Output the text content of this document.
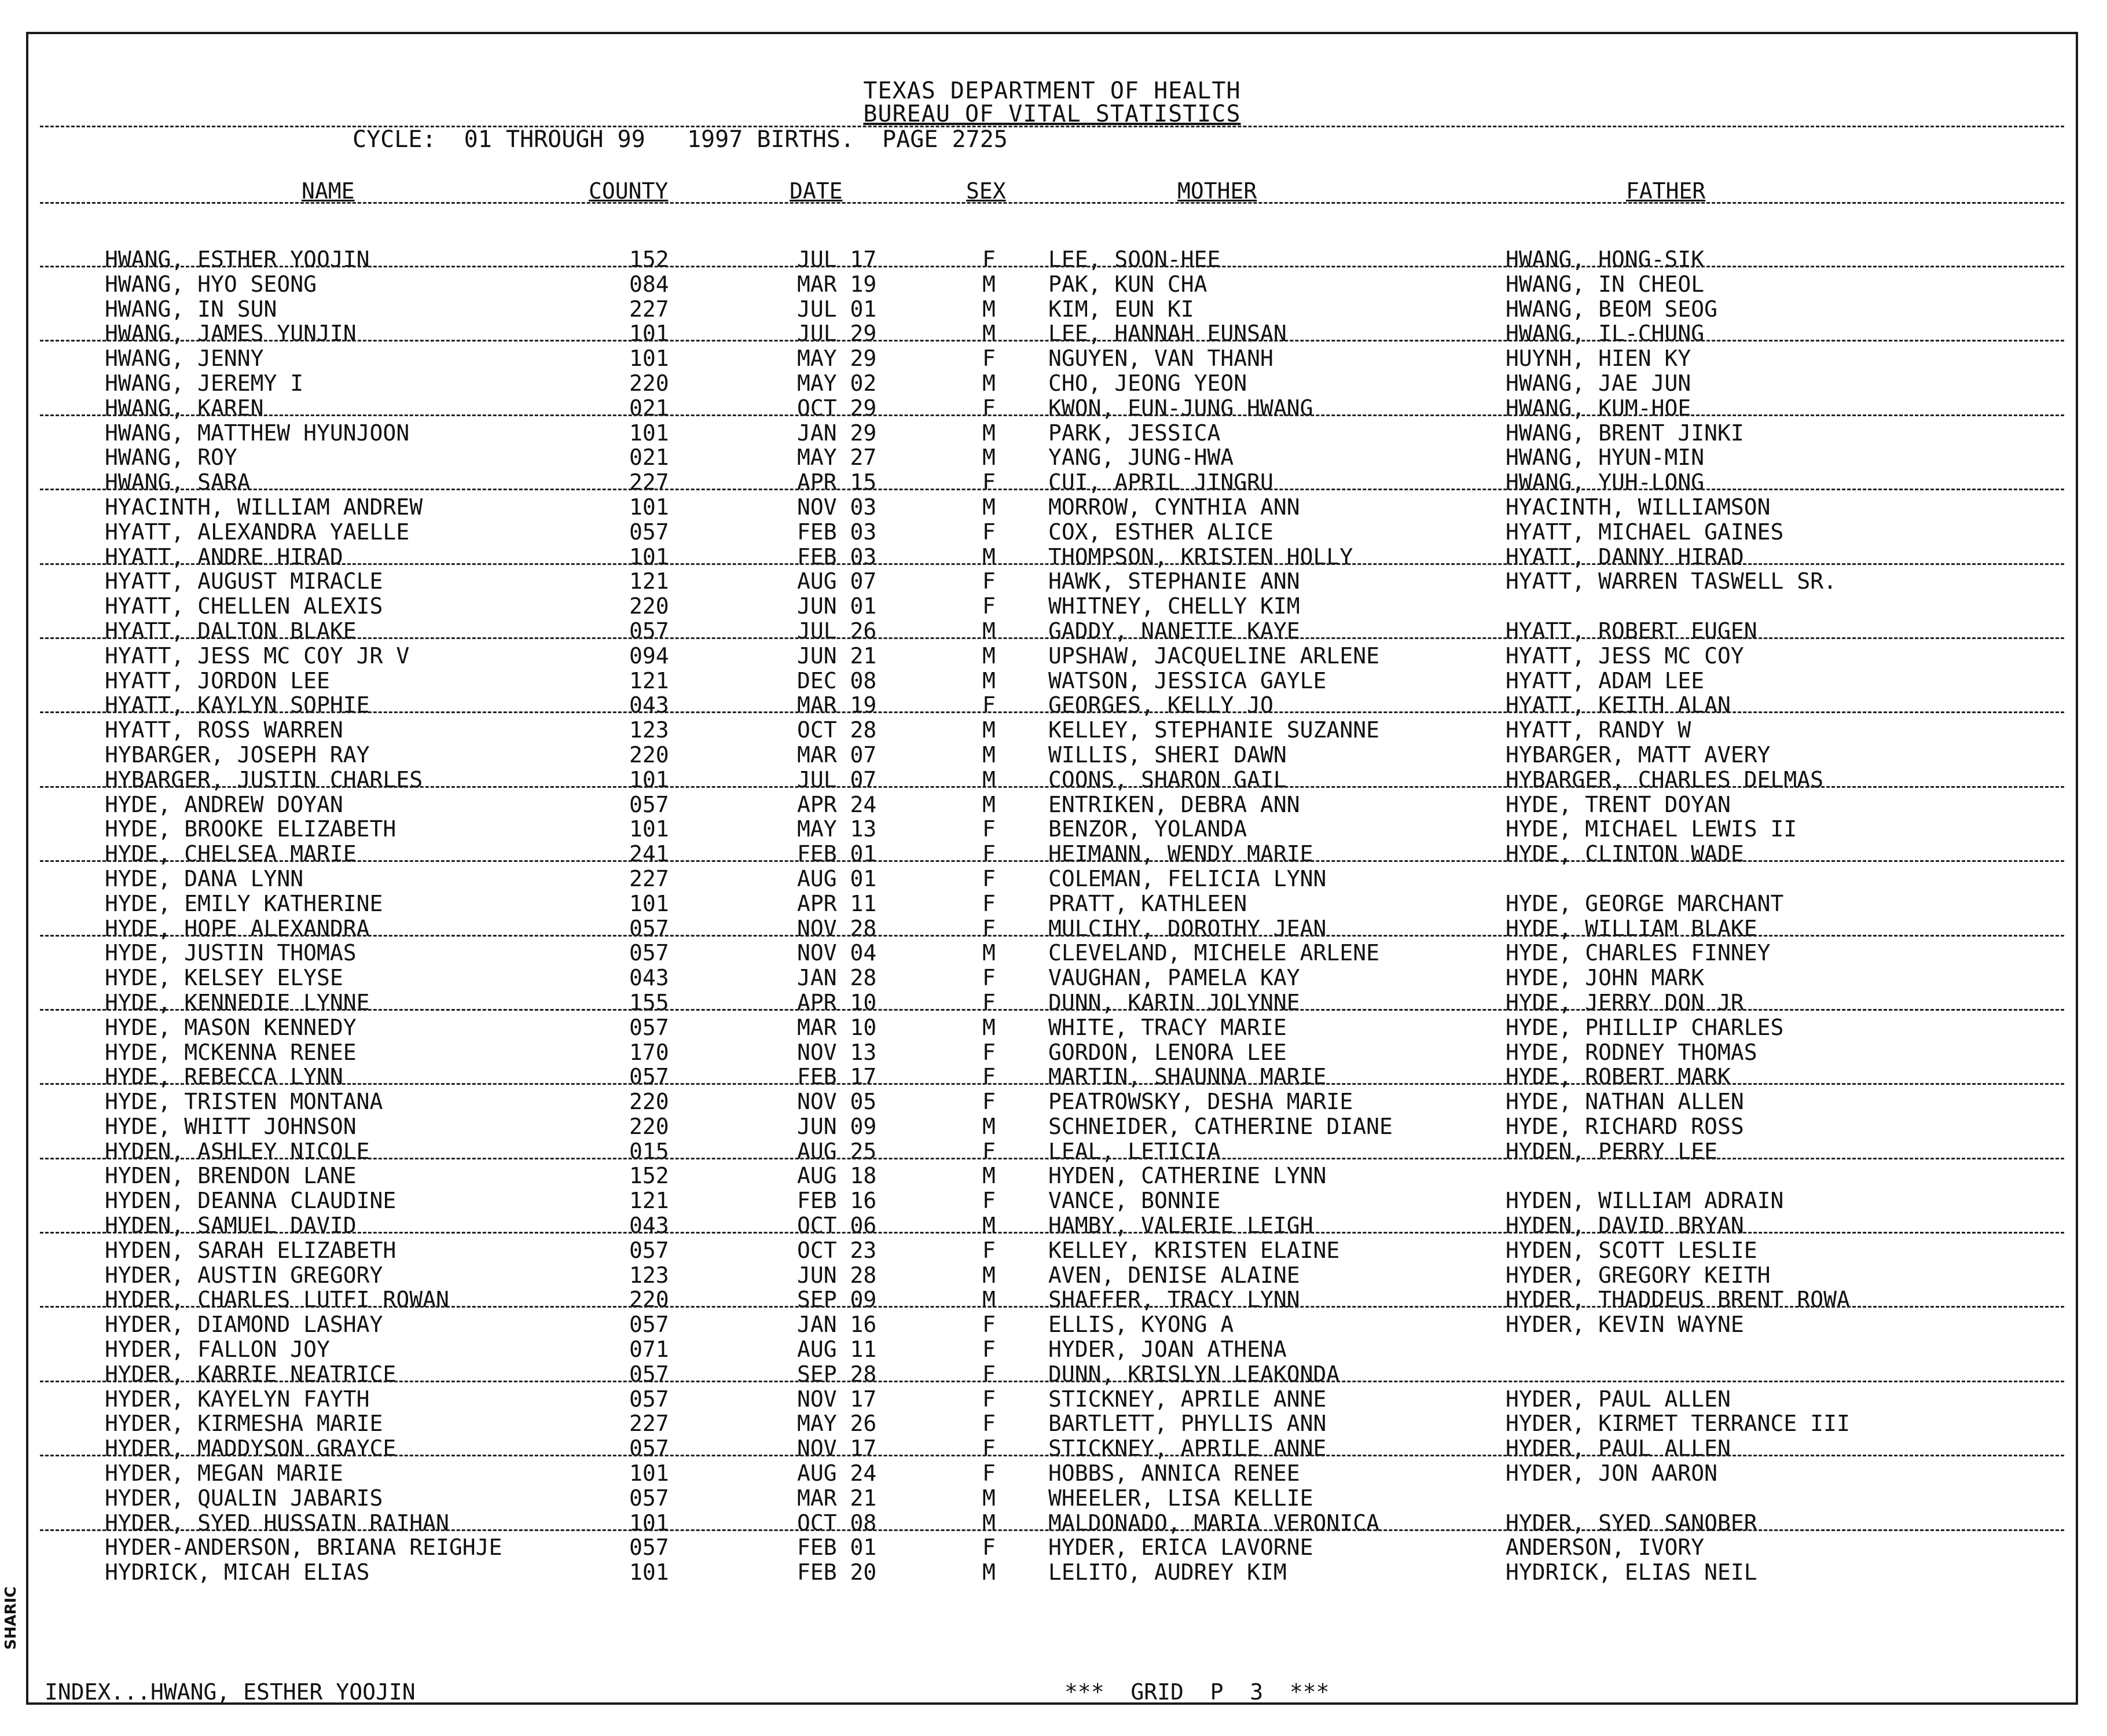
SHARIC
TEXAS DEPARTMENT OF HEALTH
BUREAU OF VITAL STATISTICS
CYCLE:  01 THROUGH 99   1997 BIRTHS.  PAGE 2725
NAME	COUNTY	DATE	SEX	MOTHER	FATHER
HWANG, ESTHER YOOJIN	152	JUL 17	F LEE, SOON-HEE	HWANG, HONG-SIK
HWANG, HYO SEONG	084	MAR 19	M PAK, KUN CHA	HWANG, IN CHEOL
HWANG, IN SUN	227	JUL 01	M KIM, EUN KI	HWANG, BEOM SEOG
HWANG, JAMES YUNJIN	101	JUL 29	M LEE, HANNAH EUNSAN	HWANG, IL-CHUNG
HWANG, JENNY	101	MAY 29	F NGUYEN, VAN THANH	HUYNH, HIEN KY
HWANG, JEREMY I	220	MAY 02	M CHO, JEONG YEON	HWANG, JAE JUN
HWANG, KAREN	021	OCT 29	F KWON, EUN-JUNG HWANG	HWANG, KUM-HOE
HWANG, MATTHEW HYUNJOON	101	JAN 29	M PARK, JESSICA	HWANG, BRENT JINKI
HWANG, ROY	021	MAY 27	M YANG, JUNG-HWA	HWANG, HYUN-MIN
HWANG, SARA	227	APR 15	F CUI, APRIL JINGRU	HWANG, YUH-LONG
HYACINTH, WILLIAM ANDREW	101	NOV 03	M MORROW, CYNTHIA ANN	HYACINTH, WILLIAMSON
HYATT, ALEXANDRA YAELLE	057	FEB 03	F COX, ESTHER ALICE	HYATT, MICHAEL GAINES
HYATT, ANDRE HIRAD	101	FEB 03	M THOMPSON, KRISTEN HOLLY	HYATT, DANNY HIRAD
HYATT, AUGUST MIRACLE	121	AUG 07	F HAWK, STEPHANIE ANN	HYATT, WARREN TASWELL SR.
HYATT, CHELLEN ALEXIS	220	JUN 01	F WHITNEY, CHELLY KIM
HYATT, DALTON BLAKE	057	JUL 26	M GADDY, NANETTE KAYE	HYATT, ROBERT EUGEN
HYATT, JESS MC COY JR V	094	JUN 21	M UPSHAW, JACQUELINE ARLENE	HYATT, JESS MC COY
HYATT, JORDON LEE	121	DEC 08	M WATSON, JESSICA GAYLE	HYATT, ADAM LEE
HYATT, KAYLYN SOPHIE	043	MAR 19	F GEORGES, KELLY JO	HYATT, KEITH ALAN
HYATT, ROSS WARREN	123	OCT 28	M KELLEY, STEPHANIE SUZANNE	HYATT, RANDY W
HYBARGER, JOSEPH RAY	220	MAR 07	M WILLIS, SHERI DAWN	HYBARGER, MATT AVERY
HYBARGER, JUSTIN CHARLES	101	JUL 07	M COONS, SHARON GAIL	HYBARGER, CHARLES DELMAS
HYDE, ANDREW DOYAN	057	APR 24	M ENTRIKEN, DEBRA ANN	HYDE, TRENT DOYAN
HYDE, BROOKE ELIZABETH	101	MAY 13	F BENZOR, YOLANDA	HYDE, MICHAEL LEWIS II
HYDE, CHELSEA MARIE	241	FEB 01	F HEIMANN, WENDY MARIE	HYDE, CLINTON WADE
HYDE, DANA LYNN	227	AUG 01	F COLEMAN, FELICIA LYNN
HYDE, EMILY KATHERINE	101	APR 11	F PRATT, KATHLEEN	HYDE, GEORGE MARCHANT
HYDE, HOPE ALEXANDRA	057	NOV 28	F MULCIHY, DOROTHY JEAN	HYDE, WILLIAM BLAKE
HYDE, JUSTIN THOMAS	057	NOV 04	M CLEVELAND, MICHELE ARLENE	HYDE, CHARLES FINNEY
HYDE, KELSEY ELYSE	043	JAN 28	F VAUGHAN, PAMELA KAY	HYDE, JOHN MARK
HYDE, KENNEDIE LYNNE	155	APR 10	F DUNN, KARIN JOLYNNE	HYDE, JERRY DON JR
HYDE, MASON KENNEDY	057	MAR 10	M WHITE, TRACY MARIE	HYDE, PHILLIP CHARLES
HYDE, MCKENNA RENEE	170	NOV 13	F GORDON, LENORA LEE	HYDE, RODNEY THOMAS
HYDE, REBECCA LYNN	057	FEB 17	F MARTIN, SHAUNNA MARIE	HYDE, ROBERT MARK
HYDE, TRISTEN MONTANA	220	NOV 05	F PEATROWSKY, DESHA MARIE	HYDE, NATHAN ALLEN
HYDE, WHITT JOHNSON	220	JUN 09	M SCHNEIDER, CATHERINE DIANE	HYDE, RICHARD ROSS
HYDEN, ASHLEY NICOLE	015	AUG 25	F LEAL, LETICIA	HYDEN, PERRY LEE
HYDEN, BRENDON LANE	152	AUG 18	M HYDEN, CATHERINE LYNN
HYDEN, DEANNA CLAUDINE	121	FEB 16	F VANCE, BONNIE	HYDEN, WILLIAM ADRAIN
HYDEN, SAMUEL DAVID	043	OCT 06	M HAMBY, VALERIE LEIGH	HYDEN, DAVID BRYAN
HYDEN, SARAH ELIZABETH	057	OCT 23	F KELLEY, KRISTEN ELAINE	HYDEN, SCOTT LESLIE
HYDER, AUSTIN GREGORY	123	JUN 28	M AVEN, DENISE ALAINE	HYDER, GREGORY KEITH
HYDER, CHARLES LUTFI ROWAN	220	SEP 09	M SHAFFER, TRACY LYNN	HYDER, THADDEUS BRENT ROWA
HYDER, DIAMOND LASHAY	057	JAN 16	F ELLIS, KYONG A	HYDER, KEVIN WAYNE
HYDER, FALLON JOY	071	AUG 11	F HYDER, JOAN ATHENA
HYDER, KARRIE NEATRICE	057	SEP 28	F DUNN, KRISLYN LEAKONDA
HYDER, KAYELYN FAYTH	057	NOV 17	F STICKNEY, APRILE ANNE	HYDER, PAUL ALLEN
HYDER, KIRMESHA MARIE	227	MAY 26	F BARTLETT, PHYLLIS ANN	HYDER, KIRMET TERRANCE III
HYDER, MADDYSON GRAYCE	057	NOV 17	F STICKNEY, APRILE ANNE	HYDER, PAUL ALLEN
HYDER, MEGAN MARIE	101	AUG 24	F HOBBS, ANNICA RENEE	HYDER, JON AARON
HYDER, QUALIN JABARIS	057	MAR 21	M WHEELER, LISA KELLIE
HYDER, SYED HUSSAIN RAIHAN	101	OCT 08	M MALDONADO, MARIA VERONICA	HYDER, SYED SANOBER
HYDER-ANDERSON, BRIANA REIGHJE	057	FEB 01	F HYDER, ERICA LAVORNE	ANDERSON, IVORY
HYDRICK, MICAH ELIAS	101	FEB 20	M LELITO, AUDREY KIM	HYDRICK, ELIAS NEIL
INDEX...HWANG, ESTHER YOOJIN	***  GRID  P  3  ***
